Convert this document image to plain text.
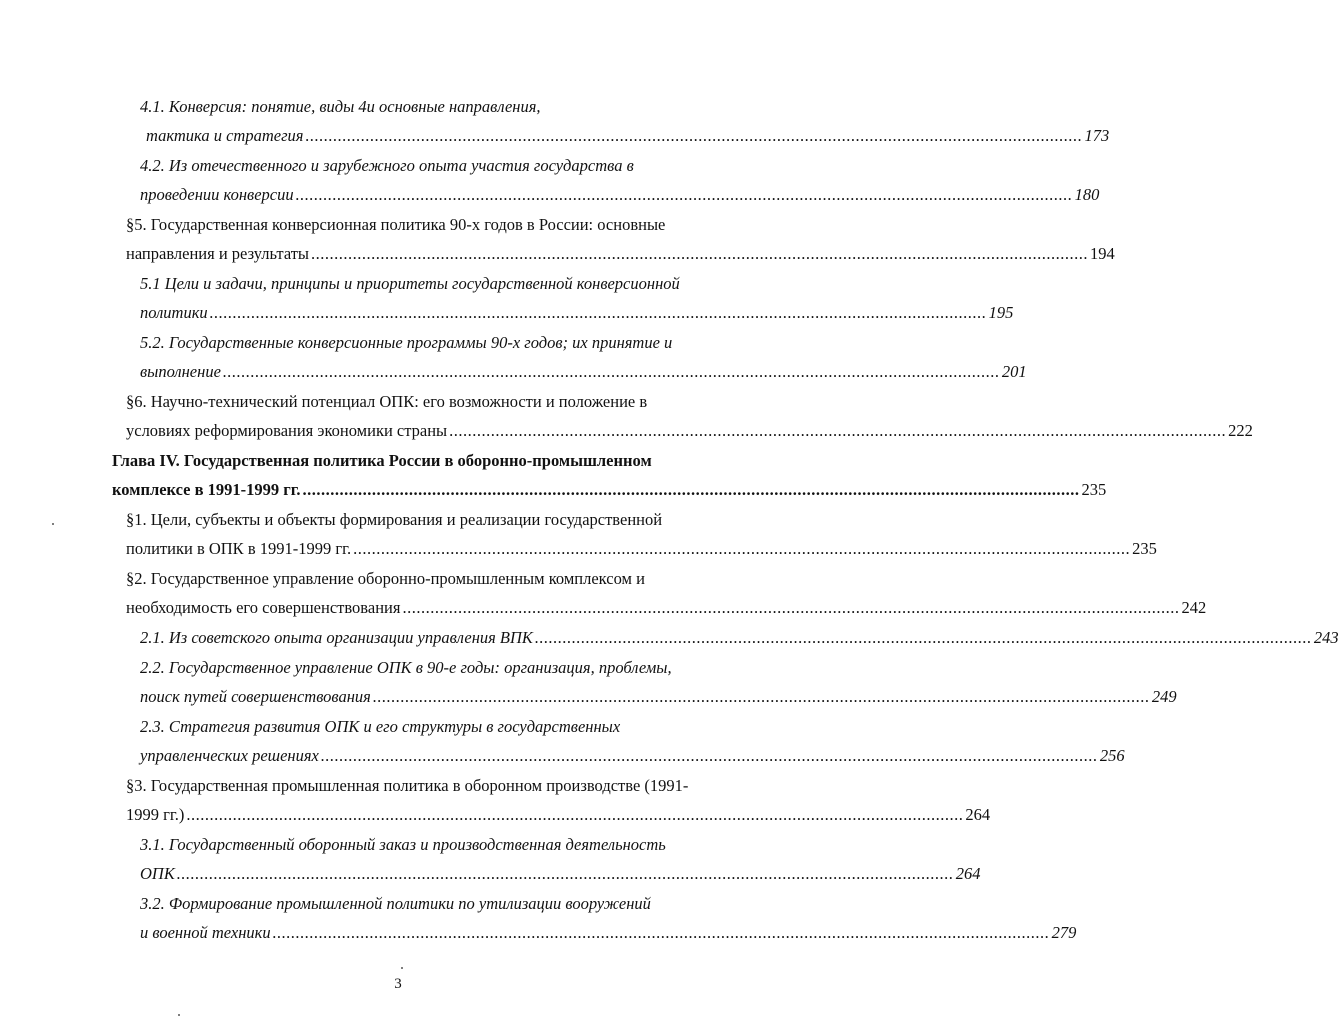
4.1. Конверсия: понятие, виды 4и основные направления,
тактика и стратегия ........................................................................................................................................................................ 173
4.2. Из отечественного и зарубежного опыта участия государства в
проведении конверсии ........................................................................................................................................................................ 180
§5. Государственная конверсионная политика 90-х годов в России: основные
направления и результаты ........................................................................................................................................................................ 194
5.1 Цели и задачи, принципы и приоритеты государственной конверсионной
политики ........................................................................................................................................................................ 195
5.2. Государственные конверсионные программы 90-х годов; их принятие и
выполнение ........................................................................................................................................................................ 201
§6. Научно-технический потенциал ОПК: его возможности и положение в
условиях реформирования экономики страны ........................................................................................................................................................................ 222
Глава IV. Государственная политика России в оборонно-промышленном
комплексе в 1991-1999 гг. ........................................................................................................................................................................ 235
§1. Цели, субъекты и объекты формирования и реализации государственной
политики в ОПК в 1991-1999 гг. ........................................................................................................................................................................ 235
§2. Государственное управление оборонно-промышленным комплексом и
необходимость его совершенствования ........................................................................................................................................................................ 242
2.1. Из советского опыта организации управления ВПК ........................................................................................................................................................................ 243
2.2. Государственное управление ОПК в 90-е годы: организация, проблемы,
поиск путей совершенствования ........................................................................................................................................................................ 249
2.3. Стратегия развития ОПК и его структуры в государственных
управленческих решениях ........................................................................................................................................................................ 256
§3. Государственная промышленная политика в оборонном производстве (1991-
1999 гг.) ........................................................................................................................................................................ 264
3.1. Государственный оборонный заказ и производственная деятельность
ОПК ........................................................................................................................................................................ 264
3.2. Формирование промышленной политики по утилизации вооружений
и военной техники ........................................................................................................................................................................ 279
3
